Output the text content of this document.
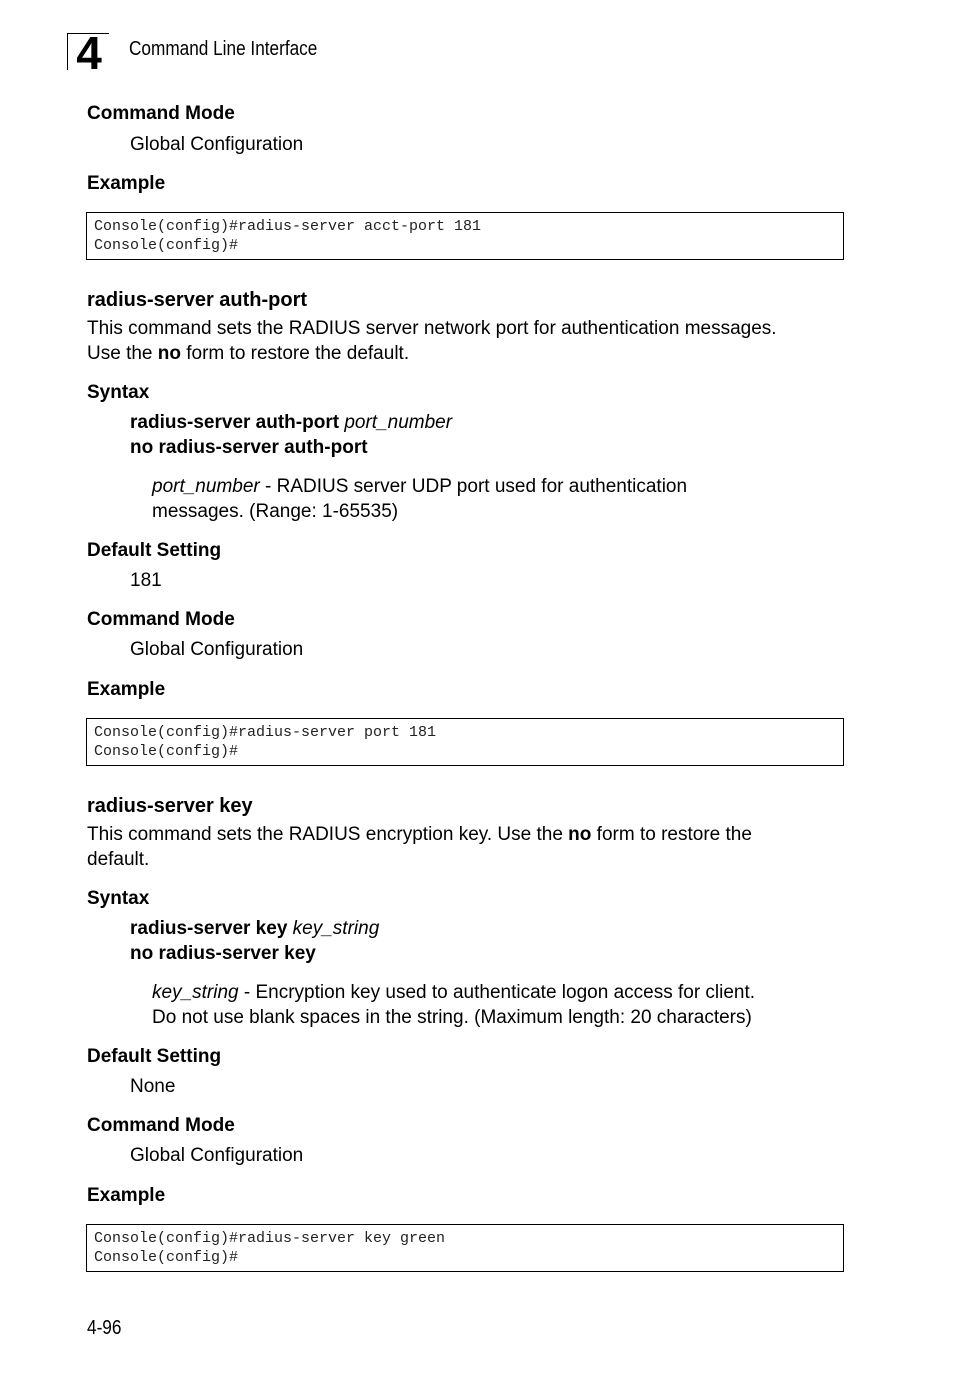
4	Command Line Interface
Command Mode
Global Configuration
Example
Console(config)#radius-server acct-port 181
Console(config)#
radius-server auth-port
This command sets the RADIUS server network port for authentication messages.
Use the no form to restore the default.
Syntax
radius-server auth-port port_number
no radius-server auth-port
port_number - RADIUS server UDP port used for authentication
messages. (Range: 1-65535)
Default Setting
181
Command Mode
Global Configuration
Example
Console(config)#radius-server port 181
Console(config)#
radius-server key
This command sets the RADIUS encryption key. Use the no form to restore the
default.
Syntax
radius-server key key_string
no radius-server key
key_string - Encryption key used to authenticate logon access for client.
Do not use blank spaces in the string. (Maximum length: 20 characters)
Default Setting
None
Command Mode
Global Configuration
Example
Console(config)#radius-server key green
Console(config)#
4-96
